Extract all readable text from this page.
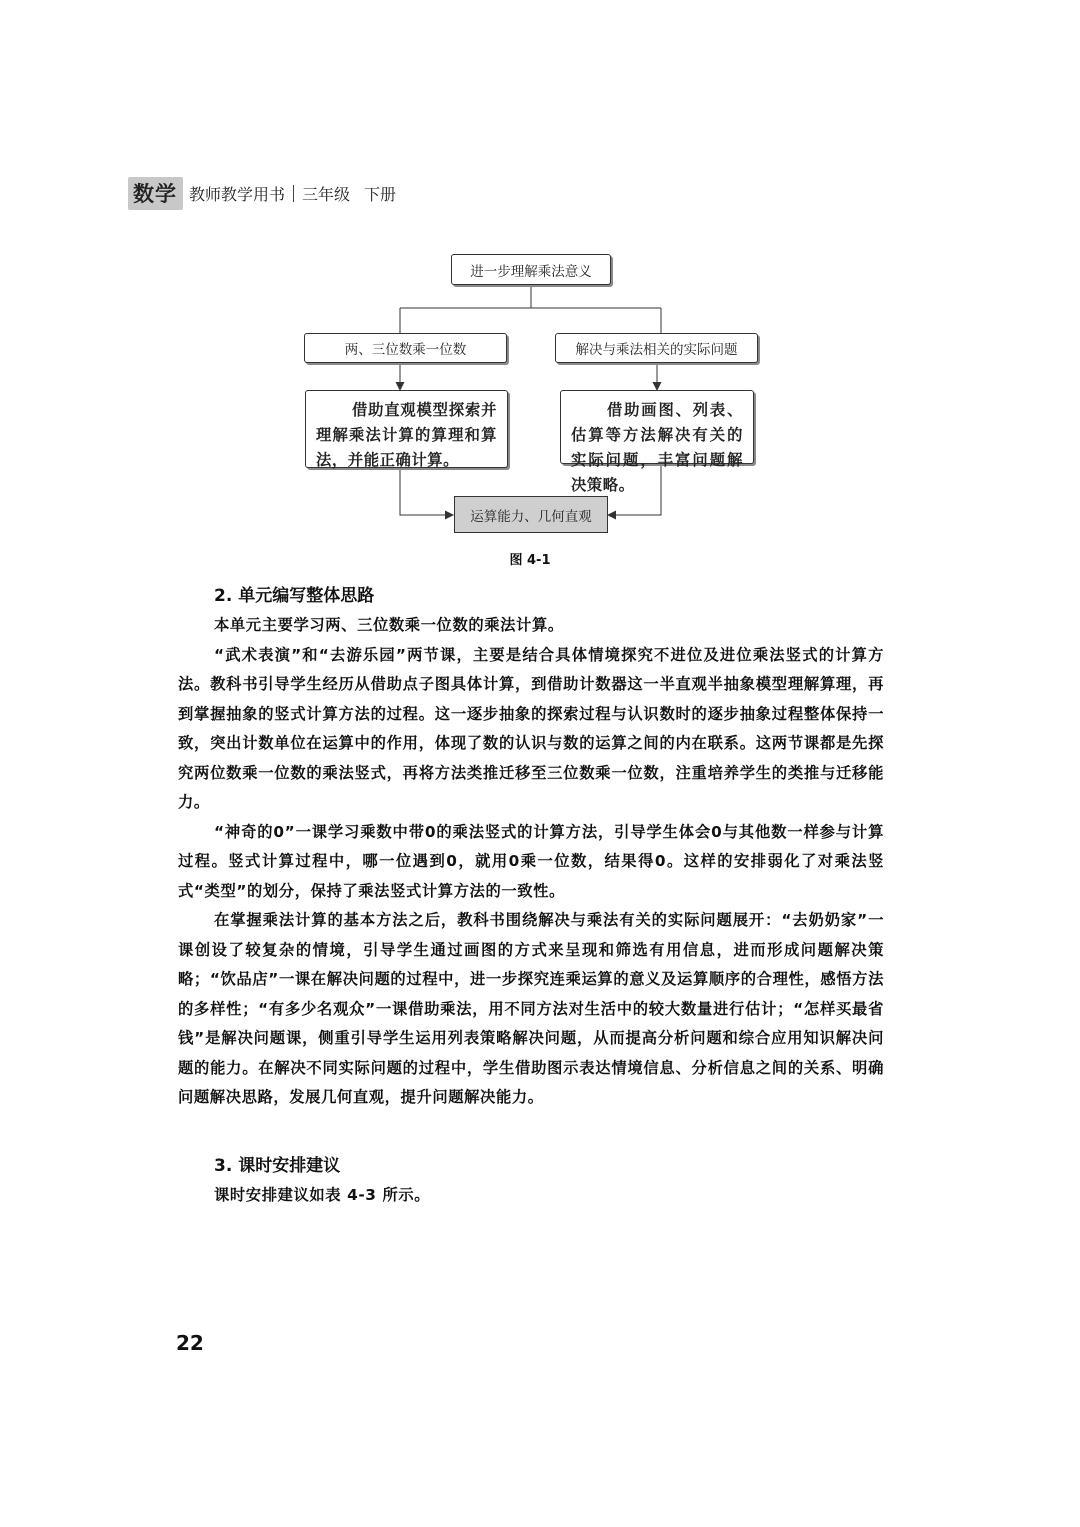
数学 教师教学用书 三年级 下册
进一步理解乘法意义
两、三位数乘一位数	解决与乘法相关的实际问题
借助直观模型探索并理解乘法计算的算理和算法，并能正确计算。
借助画图、列表、估算等方法解决有关的实际问题，丰富问题解决策略。
运算能力、几何直观
图 4-1
2. 单元编写整体思路

本单元主要学习两、三位数乘一位数的乘法计算。

“武术表演”和“去游乐园”两节课，主要是结合具体情境探究不进位及进位乘法竖式的计算方法。教科书引导学生经历从借助点子图具体计算，到借助计数器这一半直观半抽象模型理解算理，再到掌握抽象的竖式计算方法的过程。这一逐步抽象的探索过程与认识数时的逐步抽象过程整体保持一致，突出计数单位在运算中的作用，体现了数的认识与数的运算之间的内在联系。这两节课都是先探究两位数乘一位数的乘法竖式，再将方法类推迁移至三位数乘一位数，注重培养学生的类推与迁移能力。

“神奇的0”一课学习乘数中带0的乘法竖式的计算方法，引导学生体会0与其他数一样参与计算过程。竖式计算过程中，哪一位遇到0，就用0乘一位数，结果得0。这样的安排弱化了对乘法竖式“类型”的划分，保持了乘法竖式计算方法的一致性。

在掌握乘法计算的基本方法之后，教科书围绕解决与乘法有关的实际问题展开：“去奶奶家”一课创设了较复杂的情境，引导学生通过画图的方式来呈现和筛选有用信息，进而形成问题解决策略；“饮品店”一课在解决问题的过程中，进一步探究连乘运算的意义及运算顺序的合理性，感悟方法的多样性；“有多少名观众”一课借助乘法，用不同方法对生活中的较大数量进行估计；“怎样买最省钱”是解决问题课，侧重引导学生运用列表策略解决问题，从而提高分析问题和综合应用知识解决问题的能力。在解决不同实际问题的过程中，学生借助图示表达情境信息、分析信息之间的关系、明确问题解决思路，发展几何直观，提升问题解决能力。

3. 课时安排建议

课时安排建议如表 4-3 所示。

22
